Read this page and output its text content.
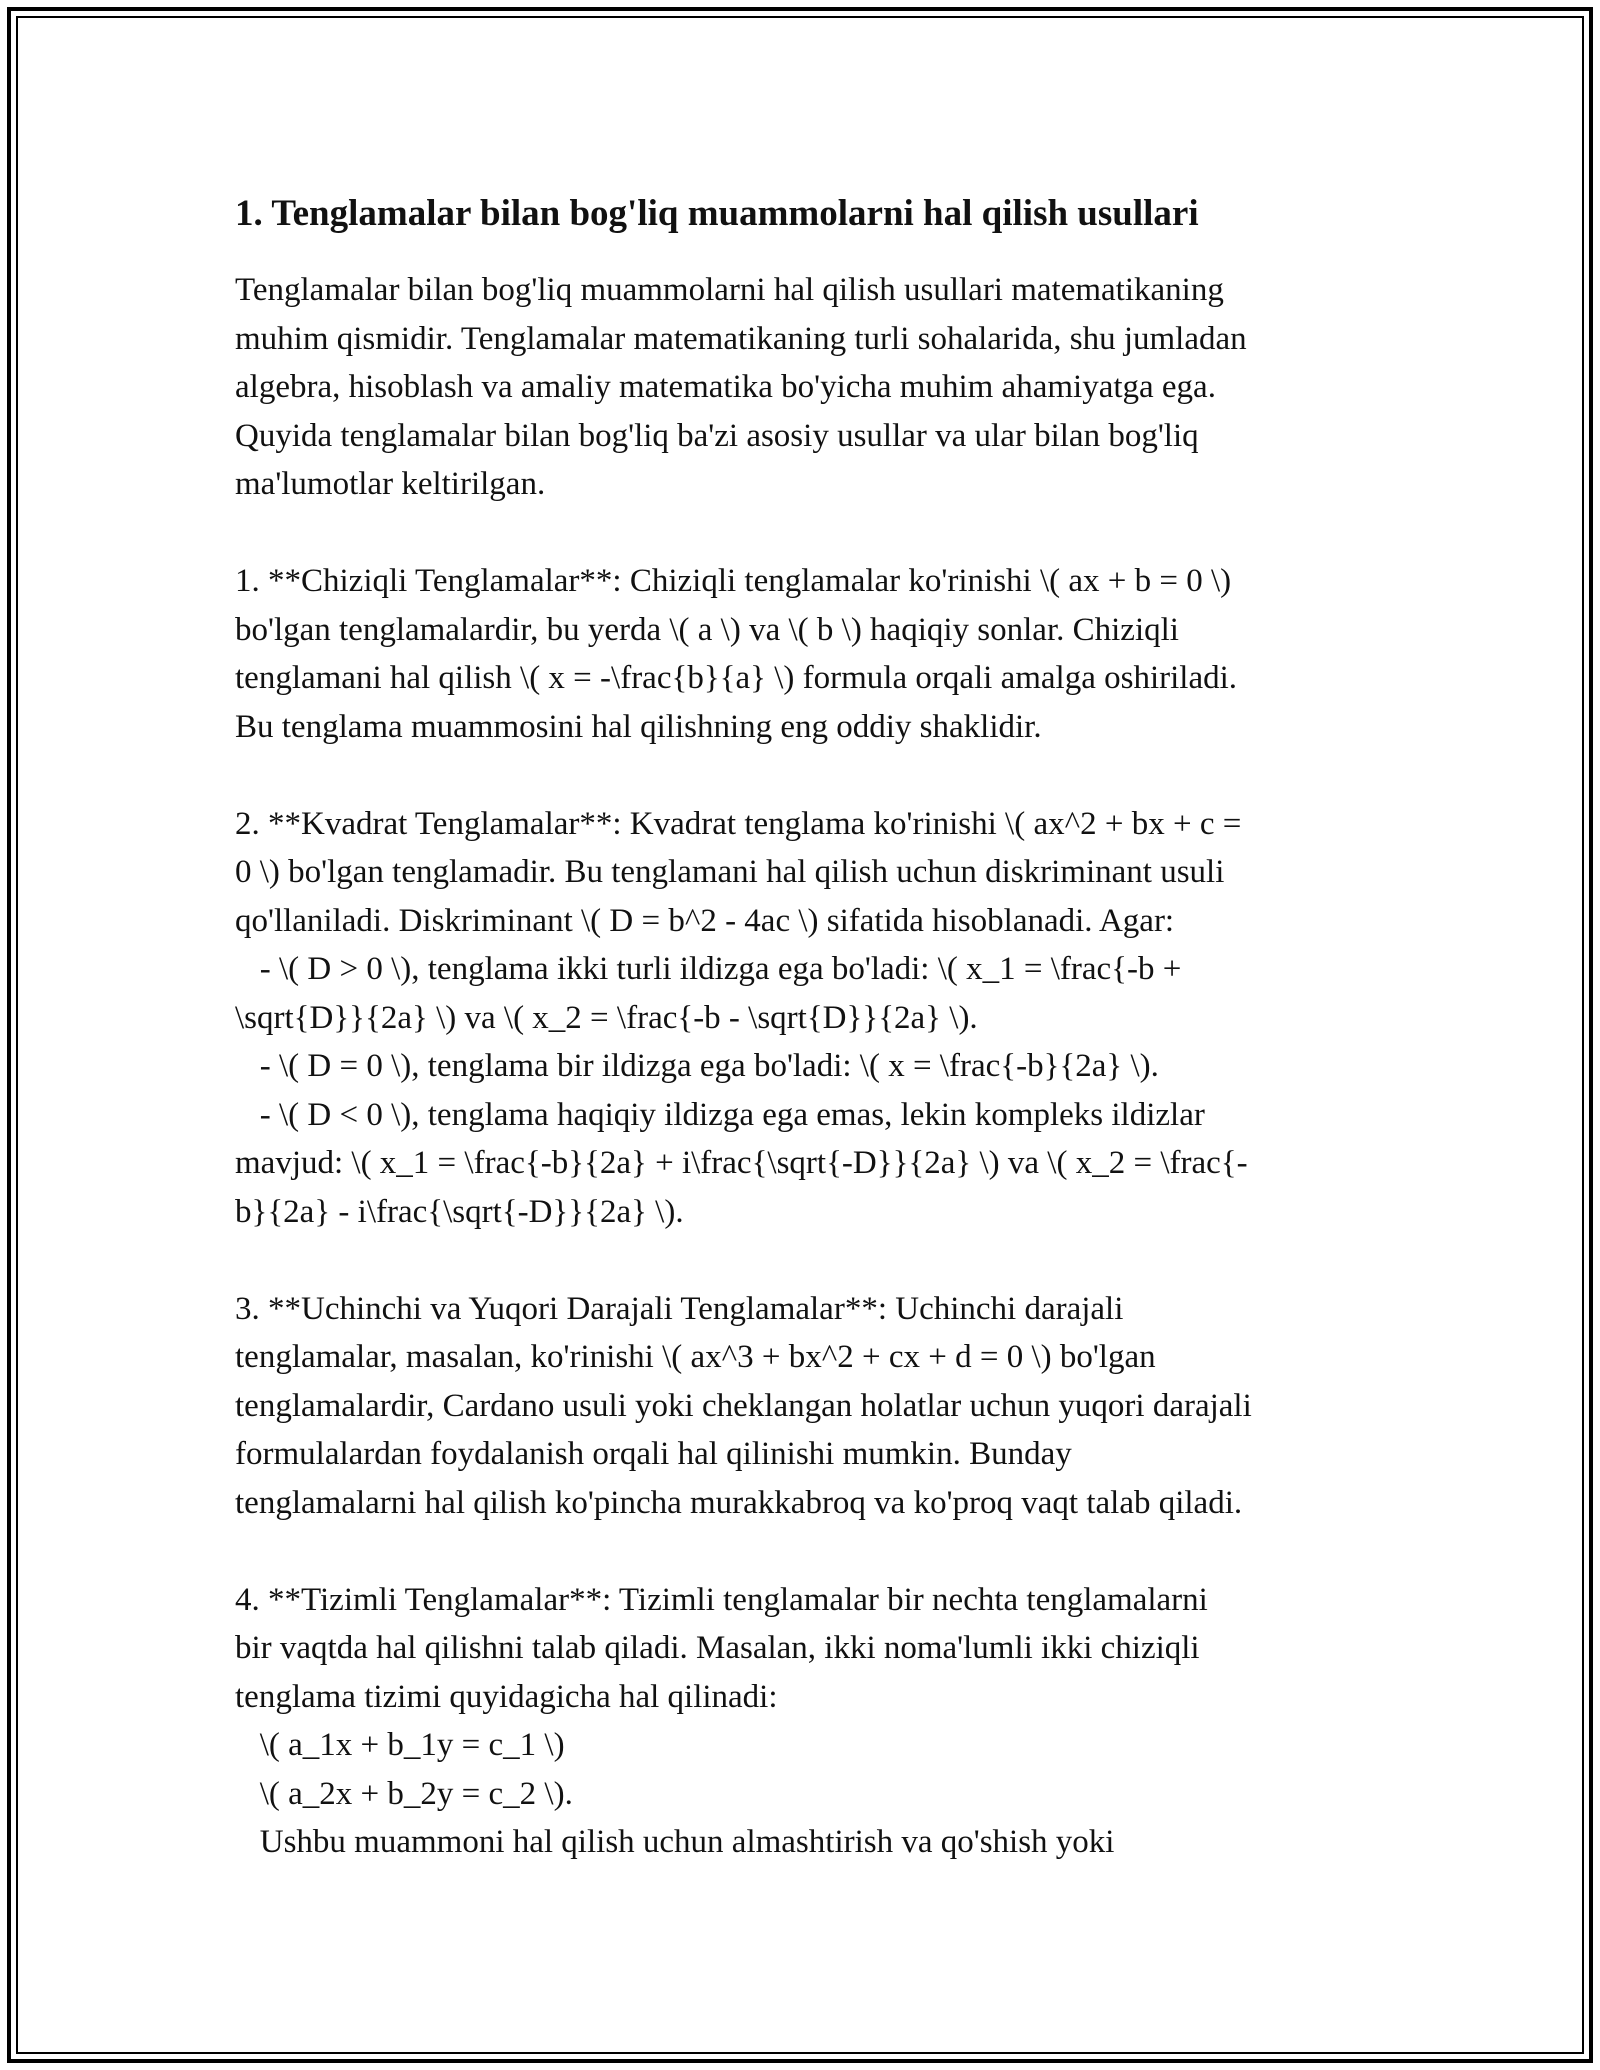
1. Tenglamalar bilan bog'liq muammolarni hal qilish usullari

Tenglamalar bilan bog'liq muammolarni hal qilish usullari matematikaning
muhim qismidir. Tenglamalar matematikaning turli sohalarida, shu jumladan
algebra, hisoblash va amaliy matematika bo'yicha muhim ahamiyatga ega.
Quyida tenglamalar bilan bog'liq ba'zi asosiy usullar va ular bilan bog'liq
ma'lumotlar keltirilgan.

1. **Chiziqli Tenglamalar**: Chiziqli tenglamalar ko'rinishi \( ax + b = 0 \)
bo'lgan tenglamalardir, bu yerda \( a \) va \( b \) haqiqiy sonlar. Chiziqli
tenglamani hal qilish \( x = -\frac{b}{a} \) formula orqali amalga oshiriladi.
Bu tenglama muammosini hal qilishning eng oddiy shaklidir.

2. **Kvadrat Tenglamalar**: Kvadrat tenglama ko'rinishi \( ax^2 + bx + c =
0 \) bo'lgan tenglamadir. Bu tenglamani hal qilish uchun diskriminant usuli
qo'llaniladi. Diskriminant \( D = b^2 - 4ac \) sifatida hisoblanadi. Agar:
- \( D > 0 \), tenglama ikki turli ildizga ega bo'ladi: \( x_1 = \frac{-b +
\sqrt{D}}{2a} \) va \( x_2 = \frac{-b - \sqrt{D}}{2a} \).
- \( D = 0 \), tenglama bir ildizga ega bo'ladi: \( x = \frac{-b}{2a} \).
- \( D < 0 \), tenglama haqiqiy ildizga ega emas, lekin kompleks ildizlar
mavjud: \( x_1 = \frac{-b}{2a} + i\frac{\sqrt{-D}}{2a} \) va \( x_2 = \frac{-
b}{2a} - i\frac{\sqrt{-D}}{2a} \).

3. **Uchinchi va Yuqori Darajali Tenglamalar**: Uchinchi darajali
tenglamalar, masalan, ko'rinishi \( ax^3 + bx^2 + cx + d = 0 \) bo'lgan
tenglamalardir, Cardano usuli yoki cheklangan holatlar uchun yuqori darajali
formulalardan foydalanish orqali hal qilinishi mumkin. Bunday
tenglamalarni hal qilish ko'pincha murakkabroq va ko'proq vaqt talab qiladi.

4. **Tizimli Tenglamalar**: Tizimli tenglamalar bir nechta tenglamalarni
bir vaqtda hal qilishni talab qiladi. Masalan, ikki noma'lumli ikki chiziqli
tenglama tizimi quyidagicha hal qilinadi:
\( a_1x + b_1y = c_1 \)
\( a_2x + b_2y = c_2 \).
Ushbu muammoni hal qilish uchun almashtirish va qo'shish yoki
